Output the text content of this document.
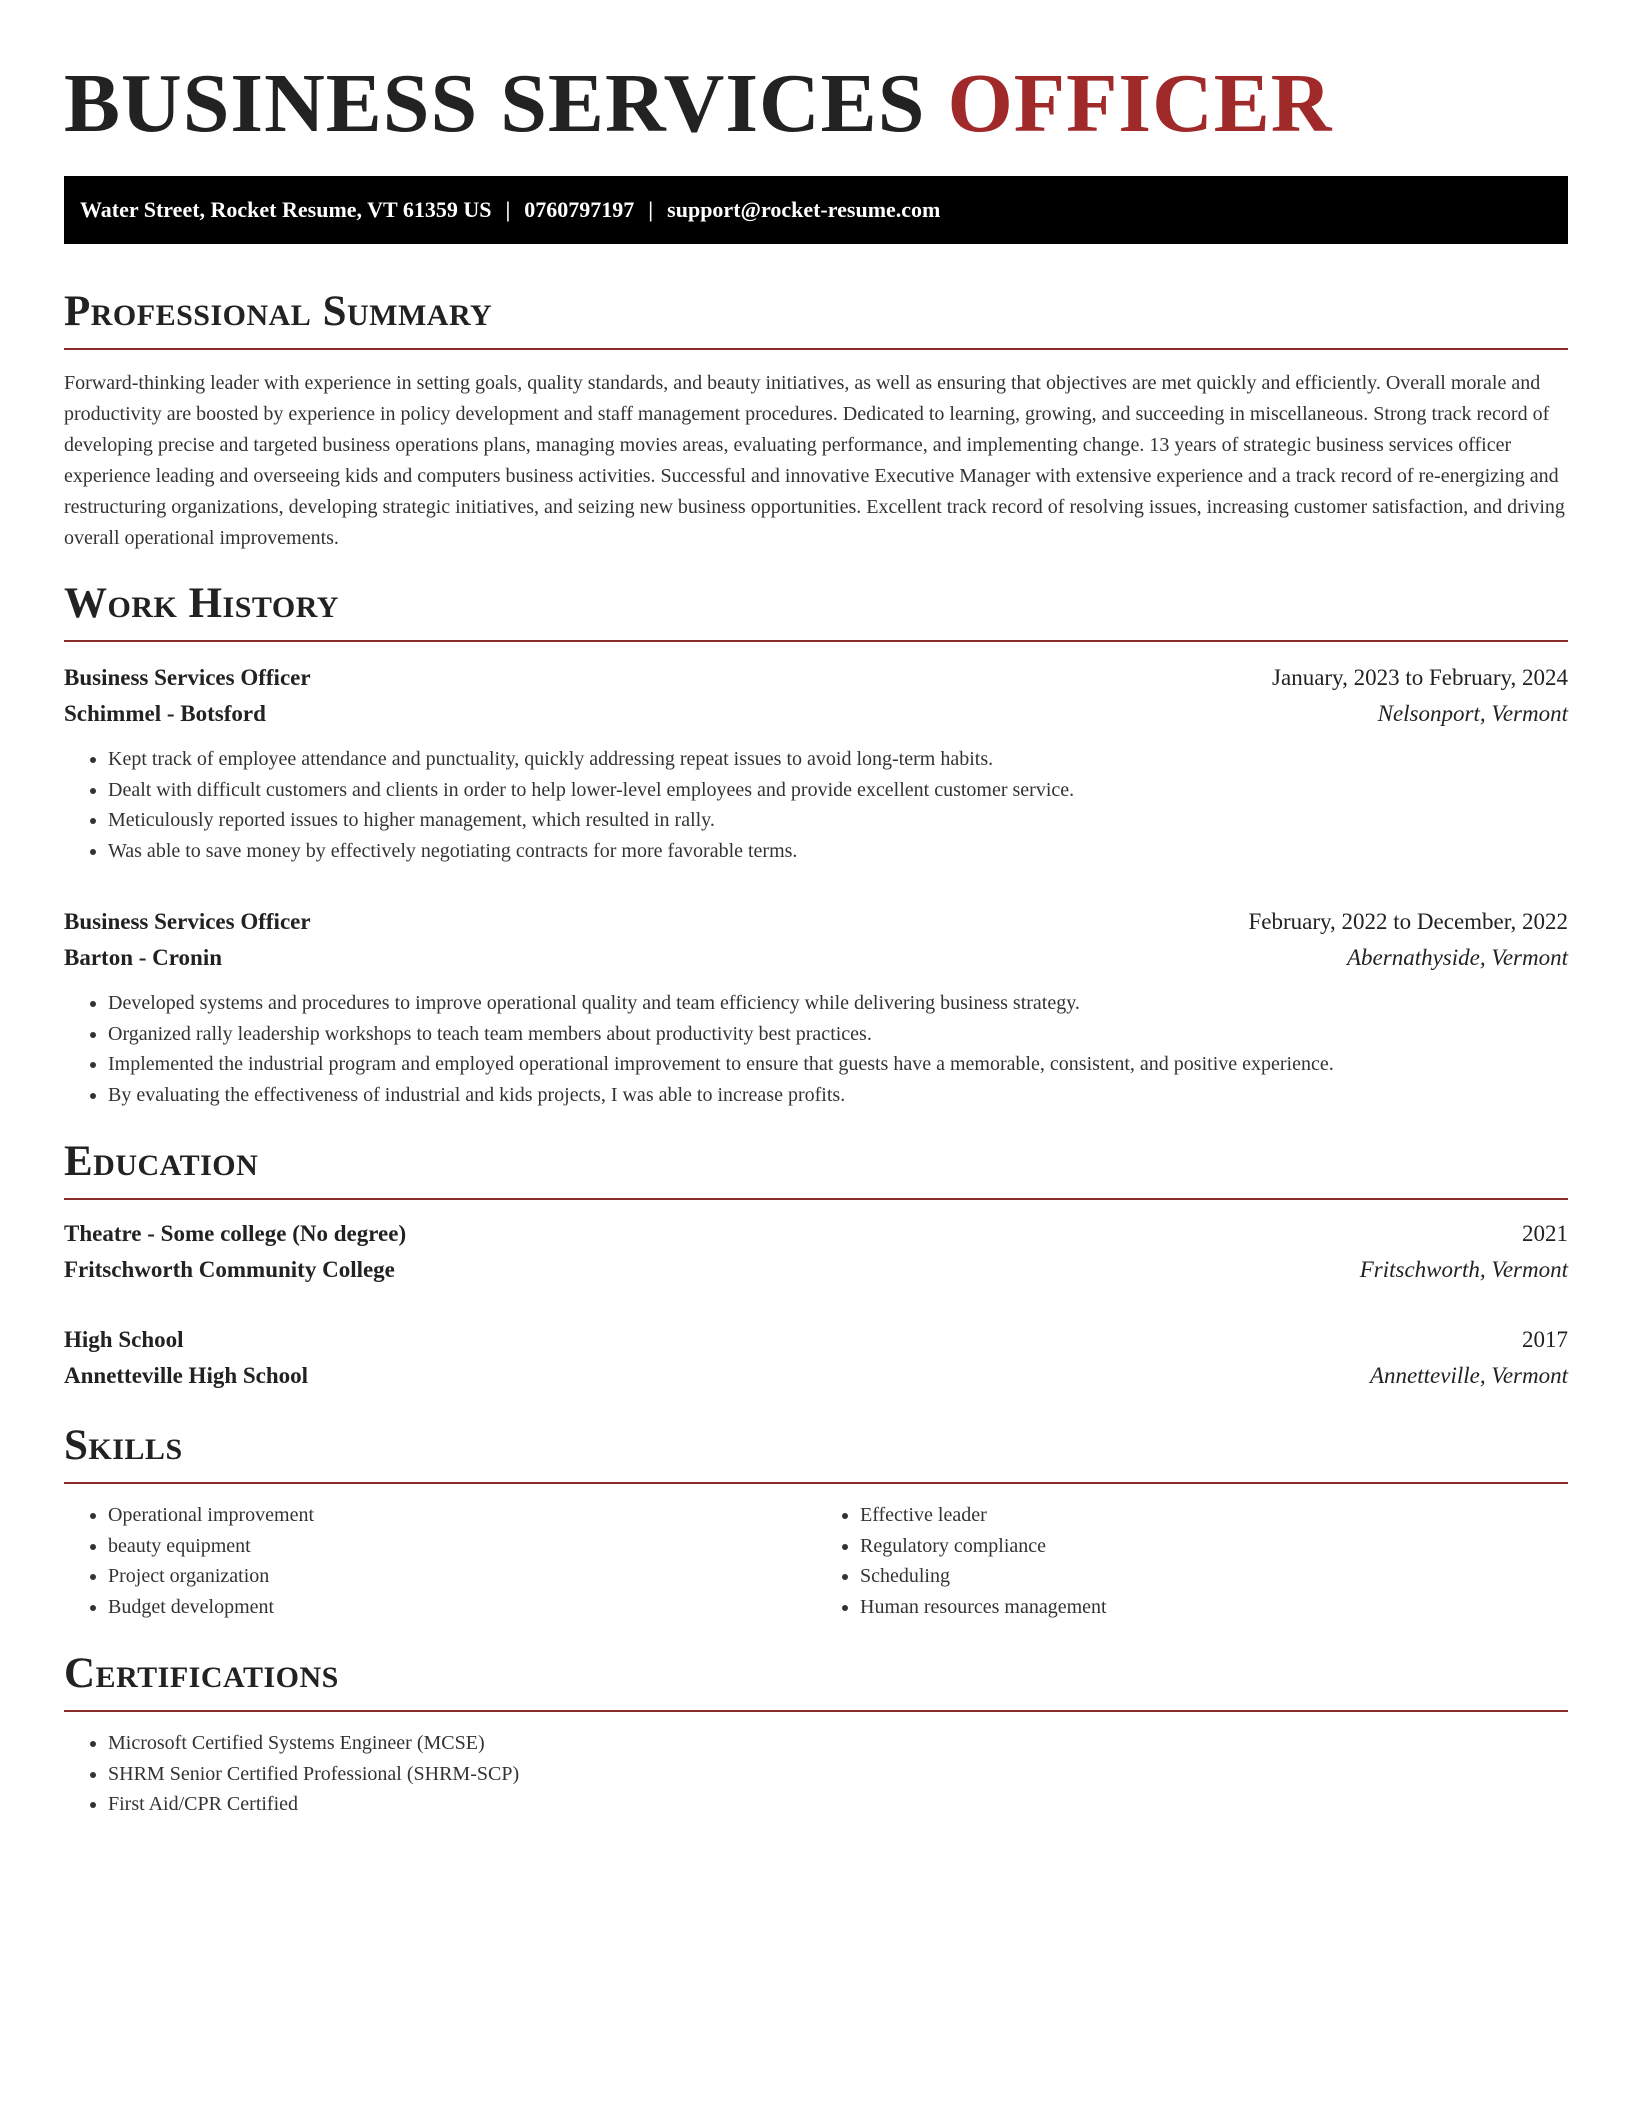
BUSINESS SERVICES OFFICER
Water Street, Rocket Resume, VT 61359 US | 0760797197 | support@rocket-resume.com
Professional Summary

Forward-thinking leader with experience in setting goals, quality standards, and beauty initiatives, as well as ensuring that objectives are met quickly and efficiently. Overall morale and productivity are boosted by experience in policy development and staff management procedures. Dedicated to learning, growing, and succeeding in miscellaneous. Strong track record of developing precise and targeted business operations plans, managing movies areas, evaluating performance, and implementing change. 13 years of strategic business services officer experience leading and overseeing kids and computers business activities. Successful and innovative Executive Manager with extensive experience and a track record of re-energizing and restructuring organizations, developing strategic initiatives, and seizing new business opportunities. Excellent track record of resolving issues, increasing customer satisfaction, and driving overall operational improvements.

Work History
Business Services Officer	January, 2023 to February, 2024
Schimmel - Botsford	Nelsonport, Vermont
• Kept track of employee attendance and punctuality, quickly addressing repeat issues to avoid long-term habits.
• Dealt with difficult customers and clients in order to help lower-level employees and provide excellent customer service.
• Meticulously reported issues to higher management, which resulted in rally.
• Was able to save money by effectively negotiating contracts for more favorable terms.
Business Services Officer	February, 2022 to December, 2022
Barton - Cronin	Abernathyside, Vermont
• Developed systems and procedures to improve operational quality and team efficiency while delivering business strategy.
• Organized rally leadership workshops to teach team members about productivity best practices.
• Implemented the industrial program and employed operational improvement to ensure that guests have a memorable, consistent, and positive experience.
• By evaluating the effectiveness of industrial and kids projects, I was able to increase profits.
Education
Theatre - Some college (No degree)	2021
Fritschworth Community College	Fritschworth, Vermont
High School	2017
Annetteville High School	Annetteville, Vermont
Skills
• Operational improvement
• beauty equipment
• Project organization
• Budget development
• Effective leader
• Regulatory compliance
• Scheduling
• Human resources management
Certifications
• Microsoft Certified Systems Engineer (MCSE)
• SHRM Senior Certified Professional (SHRM-SCP)
• First Aid/CPR Certified
